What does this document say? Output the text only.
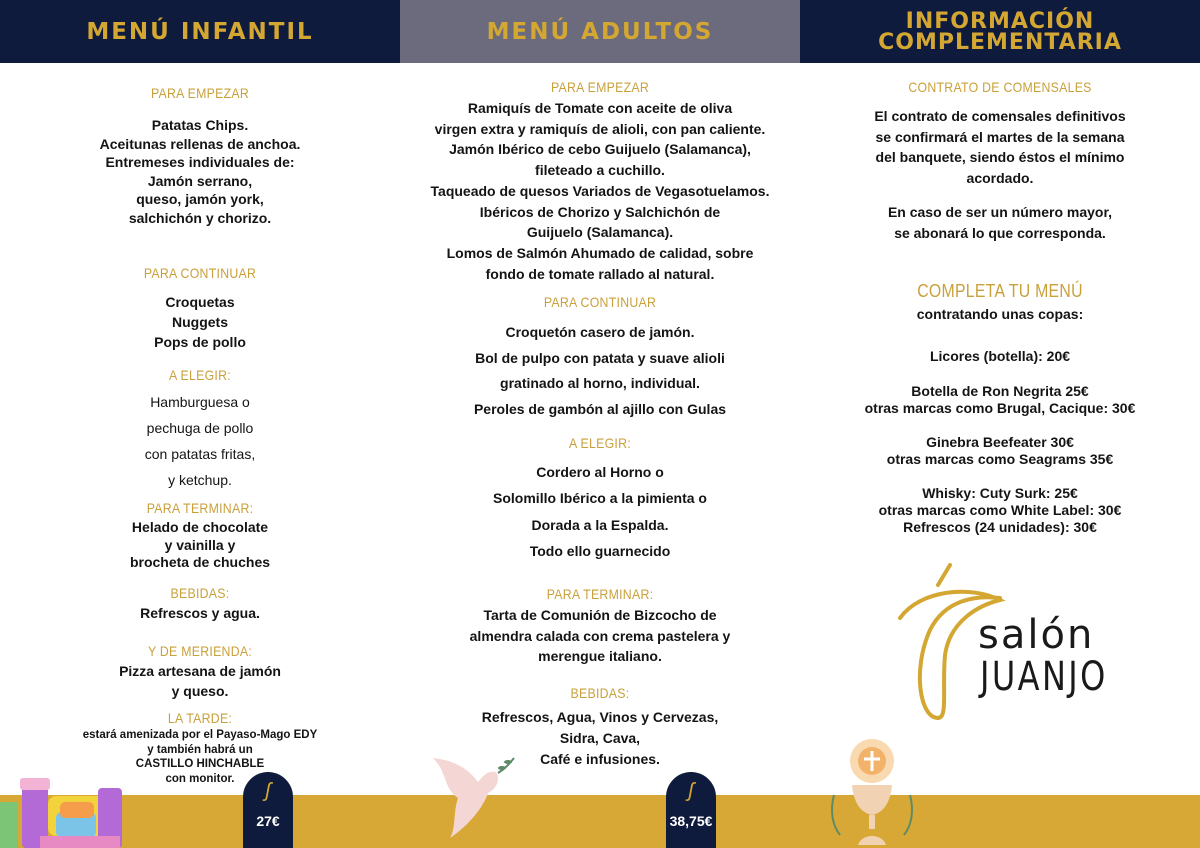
MENÚ INFANTIL	MENÚ ADULTOS	INFORMACIÓN
COMPLEMENTARIA
PARA EMPEZAR
Patatas Chips.
Aceitunas rellenas de anchoa.
Entremeses individuales de:
Jamón serrano,
queso, jamón york,
salchichón y chorizo.
PARA CONTINUAR
Croquetas
Nuggets
Pops de pollo
A ELEGIR:
Hamburguesa o
pechuga de pollo
con patatas fritas,
y ketchup.
PARA TERMINAR:
Helado de chocolate
y vainilla y
brocheta de chuches
BEBIDAS:
Refrescos y agua.
Y DE MERIENDA:
Pizza artesana de jamón
y queso.
LA TARDE:
estará amenizada por el Payaso-Mago EDY
y también habrá un
CASTILLO HINCHABLE
con monitor.
PARA EMPEZAR
Ramiquís de Tomate con aceite de oliva
virgen extra y ramiquís de alioli, con pan caliente.
Jamón Ibérico de cebo Guijuelo (Salamanca),
fileteado a cuchillo.
Taqueado de quesos Variados de Vegasotuelamos.
Ibéricos de Chorizo y Salchichón de
Guijuelo (Salamanca).
Lomos de Salmón Ahumado de calidad, sobre
fondo de tomate rallado al natural.
PARA CONTINUAR
Croquetón casero de jamón.
Bol de pulpo con patata y suave alioli
gratinado al horno, individual.
Peroles de gambón al ajillo con Gulas
A ELEGIR:
Cordero al Horno o
Solomillo Ibérico a la pimienta o
Dorada a la Espalda.
Todo ello guarnecido
PARA TERMINAR:
Tarta de Comunión de Bizcocho de
almendra calada con crema pastelera y
merengue italiano.
BEBIDAS:
Refrescos, Agua, Vinos y Cervezas,
Sidra, Cava,
Café e infusiones.
CONTRATO DE COMENSALES
El contrato de comensales definitivos
se confirmará el martes de la semana
del banquete, siendo éstos el mínimo
acordado.
En caso de ser un número mayor,
se abonará lo que corresponda.
COMPLETA TU MENÚ
contratando unas copas:
Licores (botella): 20€
Botella de Ron Negrita 25€
otras marcas como Brugal, Cacique: 30€
Ginebra Beefeater 30€
otras marcas como Seagrams 35€
Whisky: Cuty Surk: 25€
otras marcas como White Label: 30€
Refrescos (24 unidades): 30€
salón
JUANJO
ʃ
27€
ʃ
38,75€
